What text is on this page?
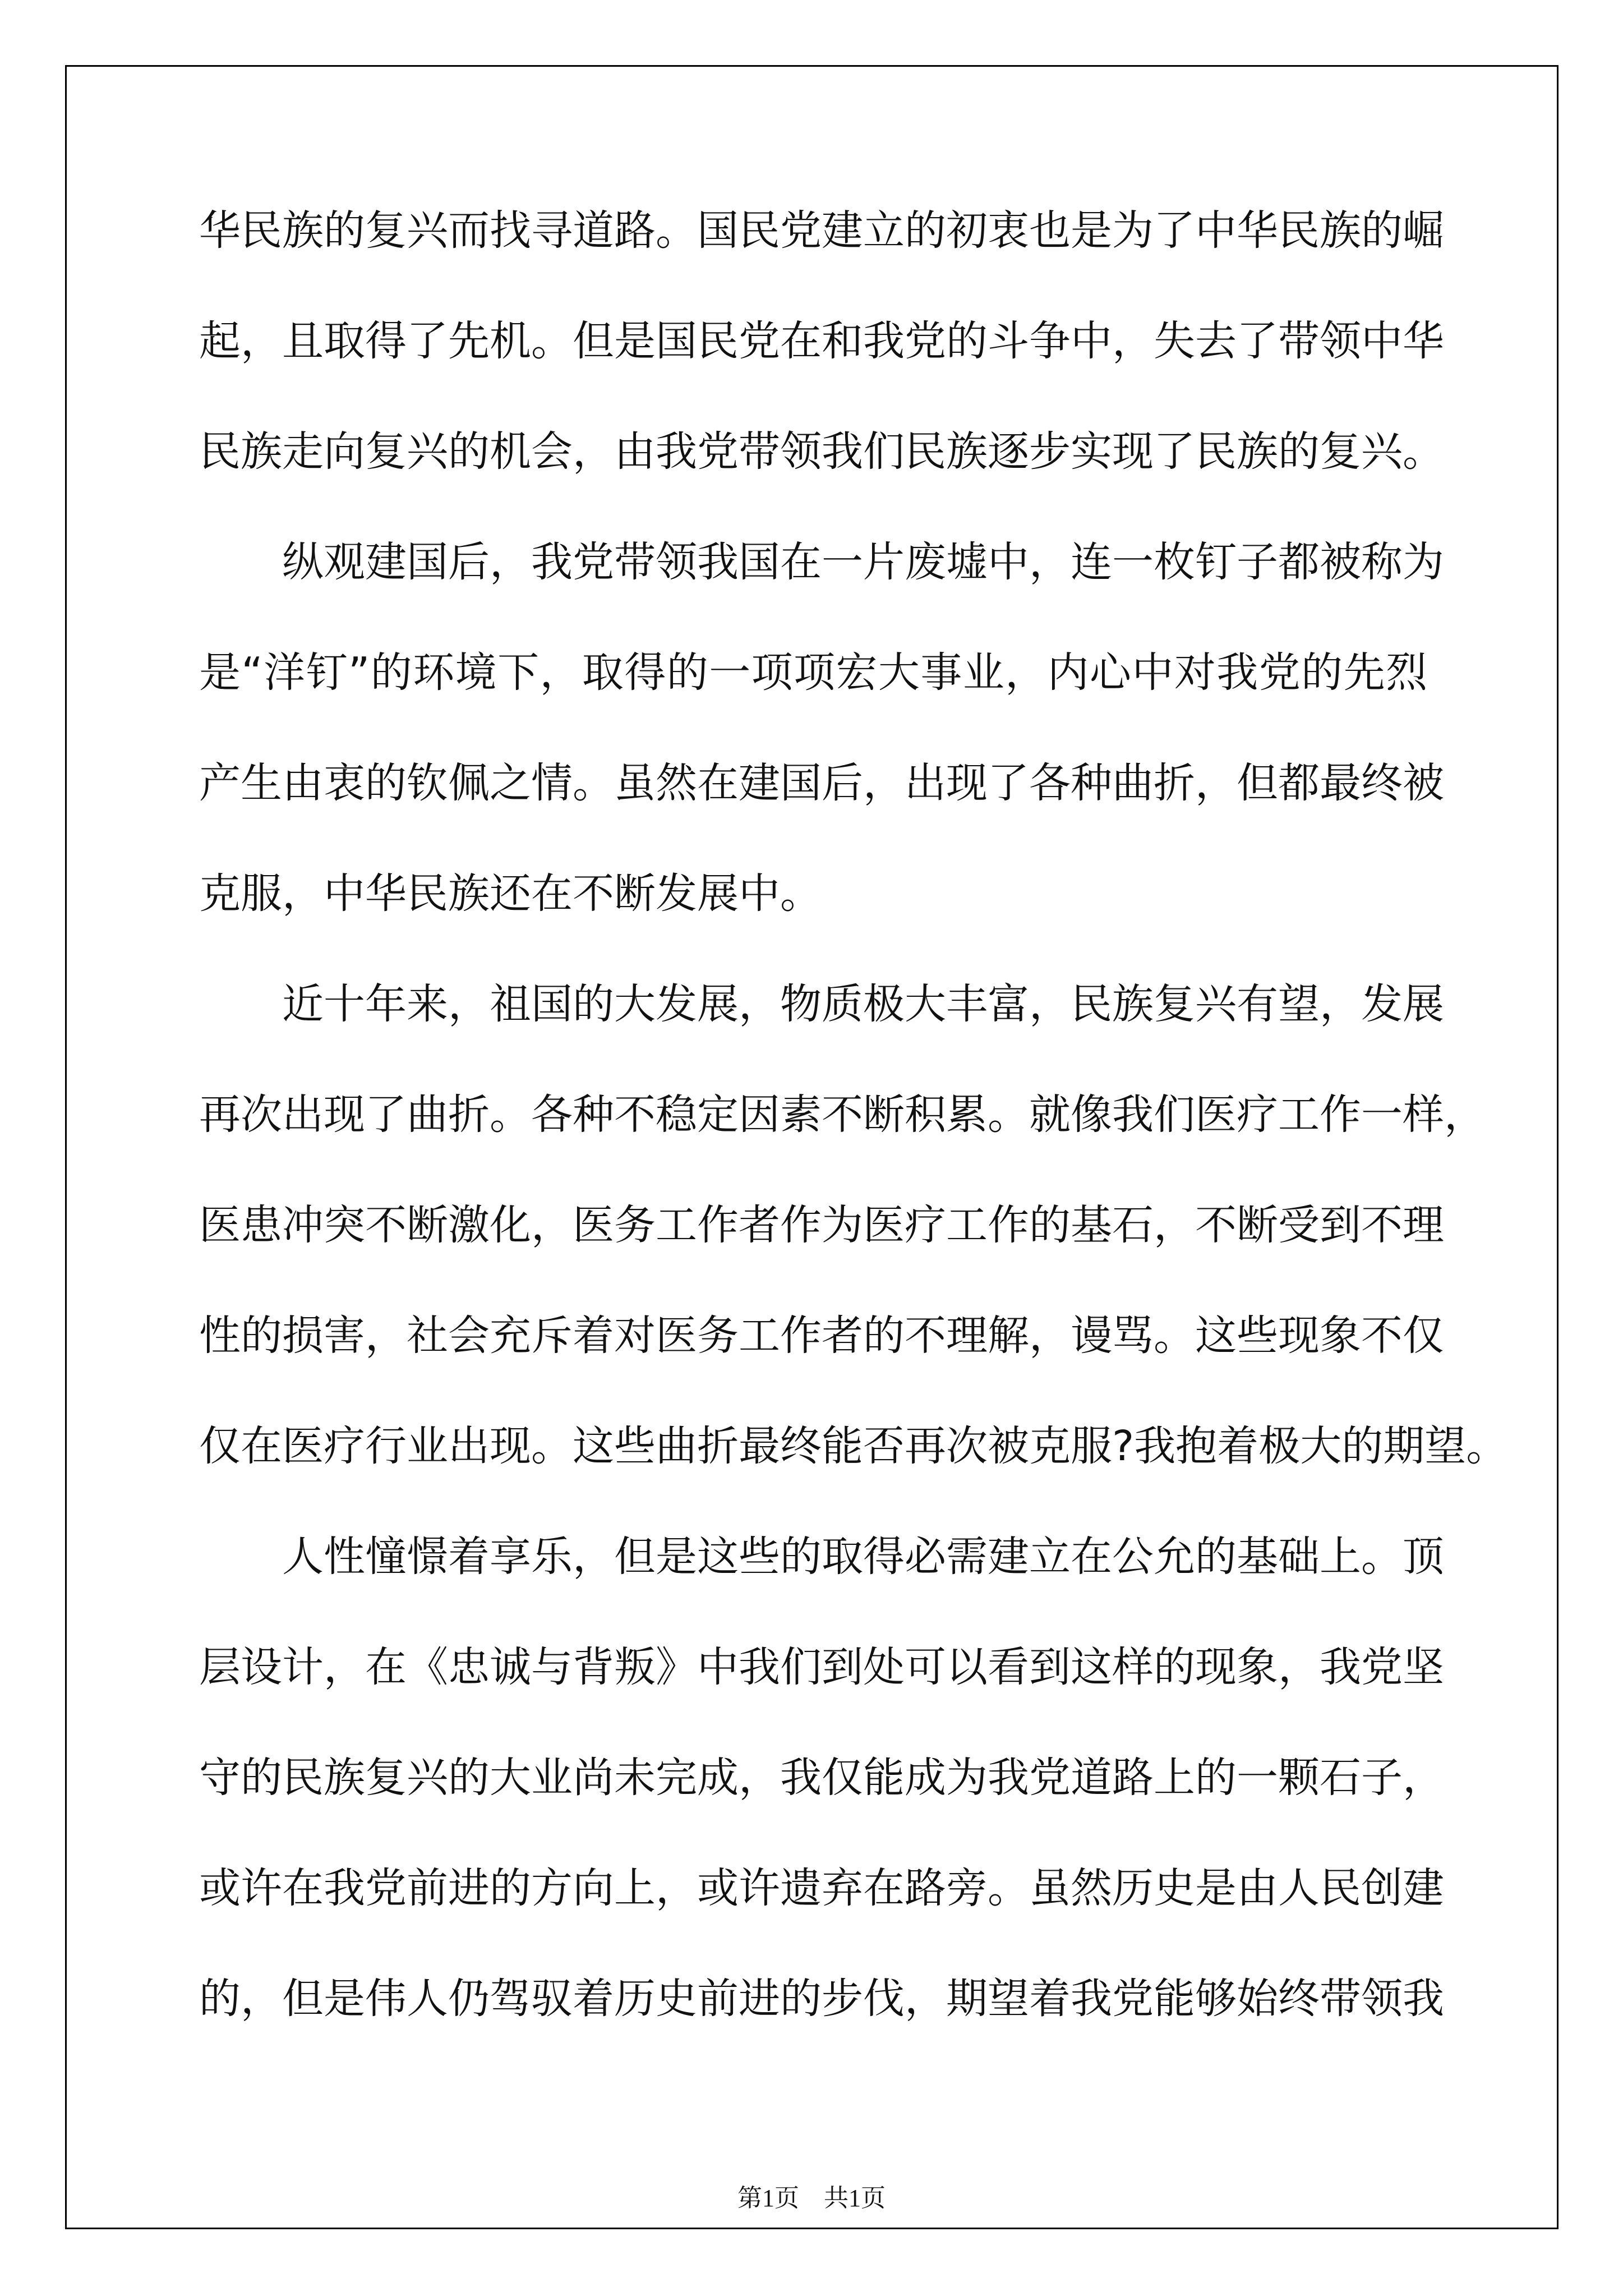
华民族的复兴而找寻道路。国民党建立的初衷也是为了中华民族的崛
起，且取得了先机。但是国民党在和我党的斗争中，失去了带领中华
民族走向复兴的机会，由我党带领我们民族逐步实现了民族的复兴。
纵观建国后，我党带领我国在一片废墟中，连一枚钉子都被称为
是“洋钉”的环境下，取得的一项项宏大事业，内心中对我党的先烈
产生由衷的钦佩之情。虽然在建国后，出现了各种曲折，但都最终被
克服，中华民族还在不断发展中。
近十年来，祖国的大发展，物质极大丰富，民族复兴有望，发展
再次出现了曲折。各种不稳定因素不断积累。就像我们医疗工作一样，
医患冲突不断激化，医务工作者作为医疗工作的基石，不断受到不理
性的损害，社会充斥着对医务工作者的不理解，谩骂。这些现象不仅
仅在医疗行业出现。这些曲折最终能否再次被克服?我抱着极大的期望。
人性憧憬着享乐，但是这些的取得必需建立在公允的基础上。顶
层设计，在《忠诚与背叛》中我们到处可以看到这样的现象，我党坚
守的民族复兴的大业尚未完成，我仅能成为我党道路上的一颗石子，
或许在我党前进的方向上，或许遗弃在路旁。虽然历史是由人民创建
的，但是伟人仍驾驭着历史前进的步伐，期望着我党能够始终带领我
第1页　共1页
